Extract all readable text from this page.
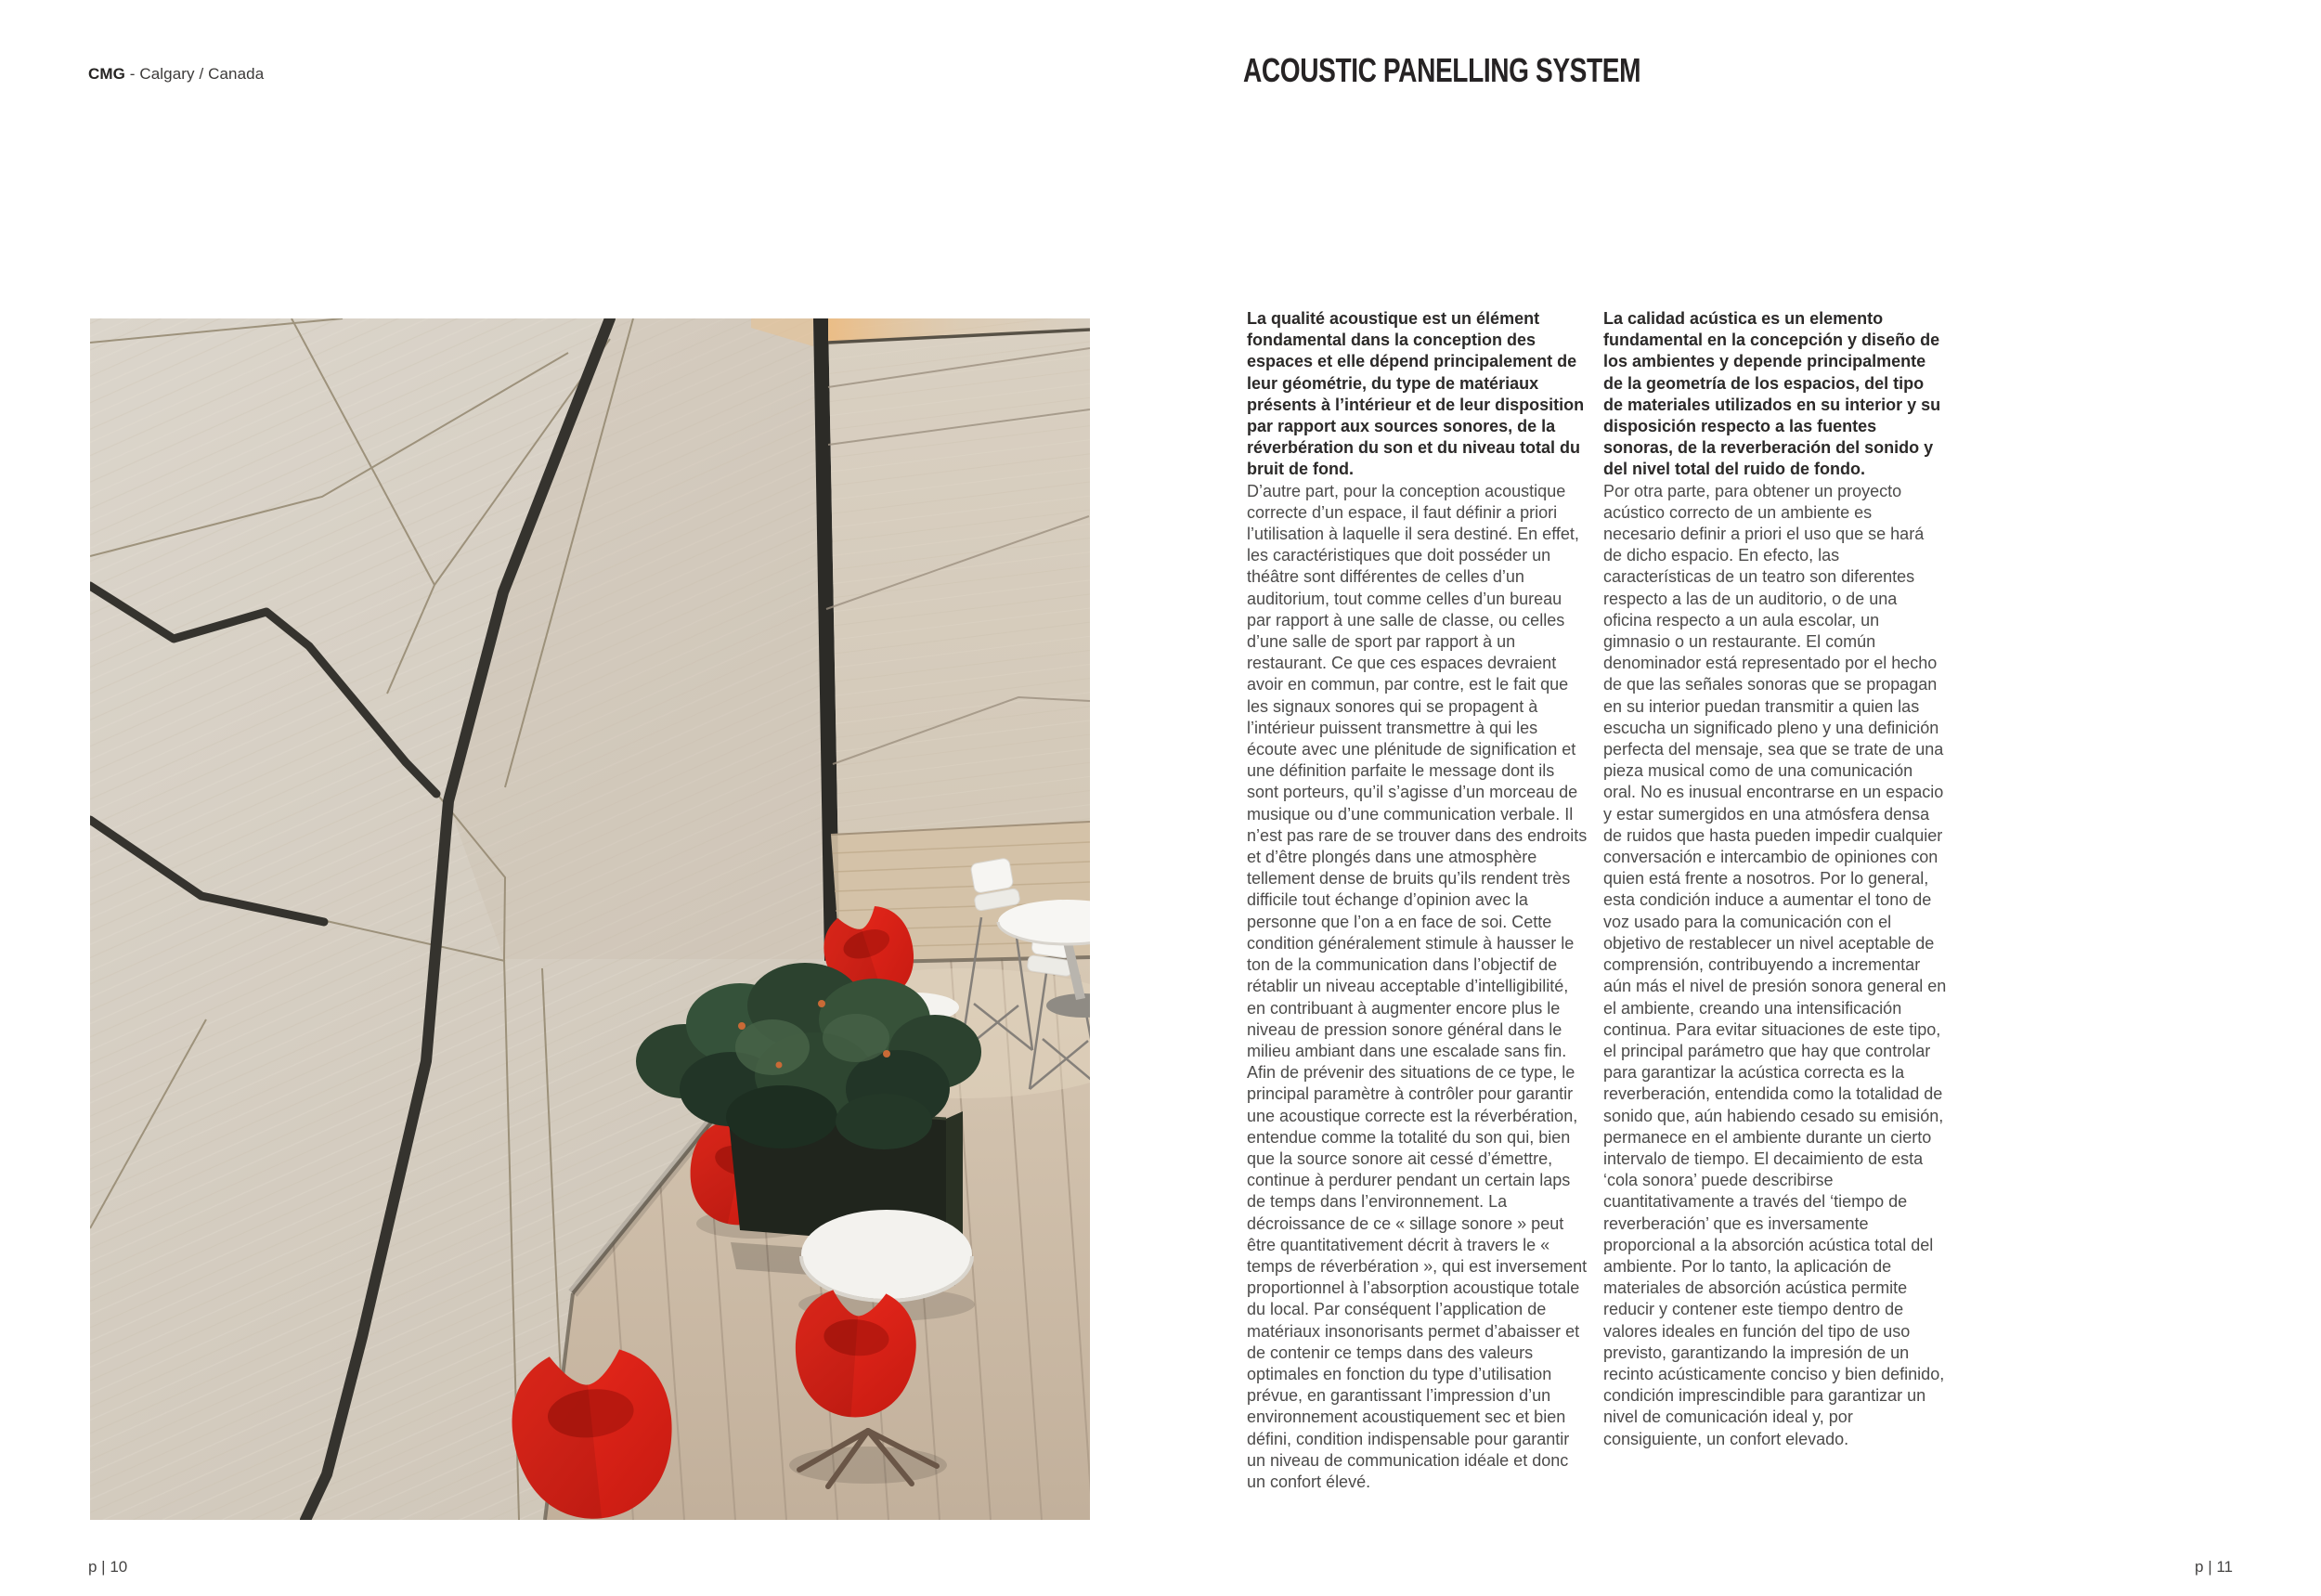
CMG - Calgary / Canada	ACOUSTIC PANELLING SYSTEM

La qualité acoustique est un élément fondamental dans la conception des espaces et elle dépend principalement de leur géométrie, du type de matériaux présents à l’intérieur et de leur disposition par rapport aux sources sonores, de la réverbération du son et du niveau total du bruit de fond.

D’autre part, pour la conception acoustique correcte d’un espace, il faut définir a priori l’utilisation à laquelle il sera destiné. En effet, les caractéristiques que doit posséder un théâtre sont différentes de celles d’un auditorium, tout comme celles d’un bureau par rapport à une salle de classe, ou celles d’une salle de sport par rapport à un restaurant. Ce que ces espaces devraient avoir en commun, par contre, est le fait que les signaux sonores qui se propagent à l’intérieur puissent transmettre à qui les écoute avec une plénitude de signification et une définition parfaite le message dont ils sont porteurs, qu’il s’agisse d’un morceau de musique ou d’une communication verbale. Il n’est pas rare de se trouver dans des endroits et d’être plongés dans une atmosphère tellement dense de bruits qu’ils rendent très difficile tout échange d’opinion avec la personne que l’on a en face de soi. Cette condition généralement stimule à hausser le ton de la communication dans l’objectif de rétablir un niveau acceptable d’intelligibilité, en contribuant à augmenter encore plus le niveau de pression sonore général dans le milieu ambiant dans une escalade sans fin. Afin de prévenir des situations de ce type, le principal paramètre à contrôler pour garantir une acoustique correcte est la réverbération, entendue comme la totalité du son qui, bien que la source sonore ait cessé d’émettre, continue à perdurer pendant un certain laps de temps dans l’environnement. La décroissance de ce « sillage sonore » peut être quantitativement décrit à travers le « temps de réverbération », qui est inversement proportionnel à l’absorption acoustique totale du local. Par conséquent l’application de matériaux insonorisants permet d’abaisser et de contenir ce temps dans des valeurs optimales en fonction du type d’utilisation prévue, en garantissant l’impression d’un environnement acoustiquement sec et bien défini, condition indispensable pour garantir un niveau de communication idéale et donc un confort élevé.

La calidad acústica es un elemento fundamental en la concepción y diseño de los ambientes y depende principalmente de la geometría de los espacios, del tipo de materiales utilizados en su interior y su disposición respecto a las fuentes sonoras, de la reverberación del sonido y del nivel total del ruido de fondo.

Por otra parte, para obtener un proyecto acústico correcto de un ambiente es necesario definir a priori el uso que se hará de dicho espacio. En efecto, las características de un teatro son diferentes respecto a las de un auditorio, o de una oficina respecto a un aula escolar, un gimnasio o un restaurante. El común denominador está representado por el hecho de que las señales sonoras que se propagan en su interior puedan transmitir a quien las escucha un significado pleno y una definición perfecta del mensaje, sea que se trate de una pieza musical como de una comunicación oral. No es inusual encontrarse en un espacio y estar sumergidos en una atmósfera densa de ruidos que hasta pueden impedir cualquier conversación e intercambio de opiniones con quien está frente a nosotros. Por lo general, esta condición induce a aumentar el tono de voz usado para la comunicación con el objetivo de restablecer un nivel aceptable de comprensión, contribuyendo a incrementar aún más el nivel de presión sonora general en el ambiente, creando una intensificación continua. Para evitar situaciones de este tipo, el principal parámetro que hay que controlar para garantizar la acústica correcta es la reverberación, entendida como la totalidad de sonido que, aún habiendo cesado su emisión, permanece en el ambiente durante un cierto intervalo de tiempo. El decaimiento de esta ‘cola sonora’ puede describirse cuantitativamente a través del ‘tiempo de reverberación’ que es inversamente proporcional a la absorción acústica total del ambiente. Por lo tanto, la aplicación de materiales de absorción acústica permite reducir y contener este tiempo dentro de valores ideales en función del tipo de uso previsto, garantizando la impresión de un recinto acústicamente conciso y bien definido, condición imprescindible para garantizar un nivel de comunicación ideal y, por consiguiente, un confort elevado.

p | 10	p | 11
